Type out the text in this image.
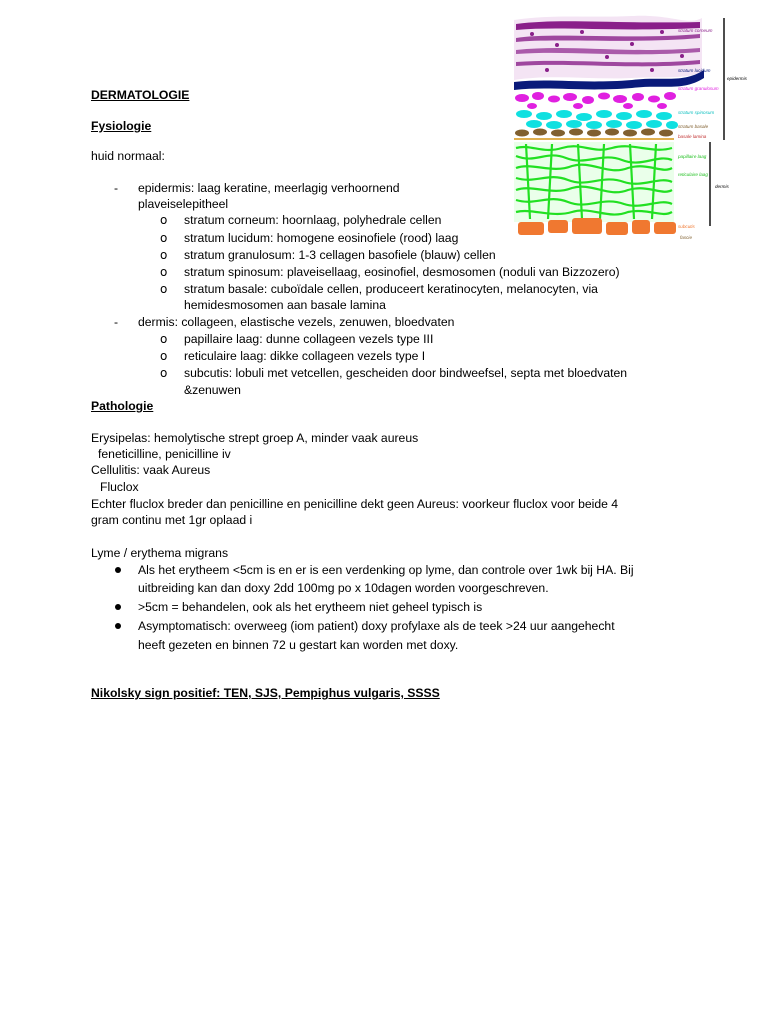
stratum corneum
stratum lucidum
epidermis
stratum granulosum
stratum spinosum
stratum basale
basale lamina
papillaire laag
reticulaire laag
dermis
subcutis
fascie
DERMATOLOGIE
Fysiologie
huid normaal:
- epidermis: laag keratine, meerlagig verhoornend
plaveiselepitheel
o stratum corneum: hoornlaag, polyhedrale cellen
o stratum lucidum: homogene eosinofiele (rood) laag
o stratum granulosum: 1-3 cellagen basofiele (blauw) cellen
o stratum spinosum: plaveisellaag, eosinofiel, desmosomen (noduli van Bizzozero)
o stratum basale: cuboïdale cellen, produceert keratinocyten, melanocyten, via
hemidesmosomen aan basale lamina
- dermis: collageen, elastische vezels, zenuwen, bloedvaten
o papillaire laag: dunne collageen vezels type III
o reticulaire laag: dikke collageen vezels type I
o subcutis: lobuli met vetcellen, gescheiden door bindweefsel, septa met bloedvaten
&zenuwen
Pathologie
Erysipelas: hemolytische strept groep A, minder vaak aureus
feneticilline, penicilline iv
Cellulitis: vaak Aureus
Fluclox
Echter fluclox breder dan penicilline en penicilline dekt geen Aureus: voorkeur fluclox voor beide 4
gram continu met 1gr oplaad i
Lyme / erythema migrans
Als het erytheem <5cm is en er is een verdenking op lyme, dan controle over 1wk bij HA. Bij
uitbreiding kan dan doxy 2dd 100mg po x 10dagen worden voorgeschreven.
>5cm = behandelen, ook als het erytheem niet geheel typisch is
Asymptomatisch: overweeg (iom patient) doxy profylaxe als de teek >24 uur aangehecht
heeft gezeten en binnen 72 u gestart kan worden met doxy.
Nikolsky sign positief: TEN, SJS, Pempighus vulgaris, SSSS
